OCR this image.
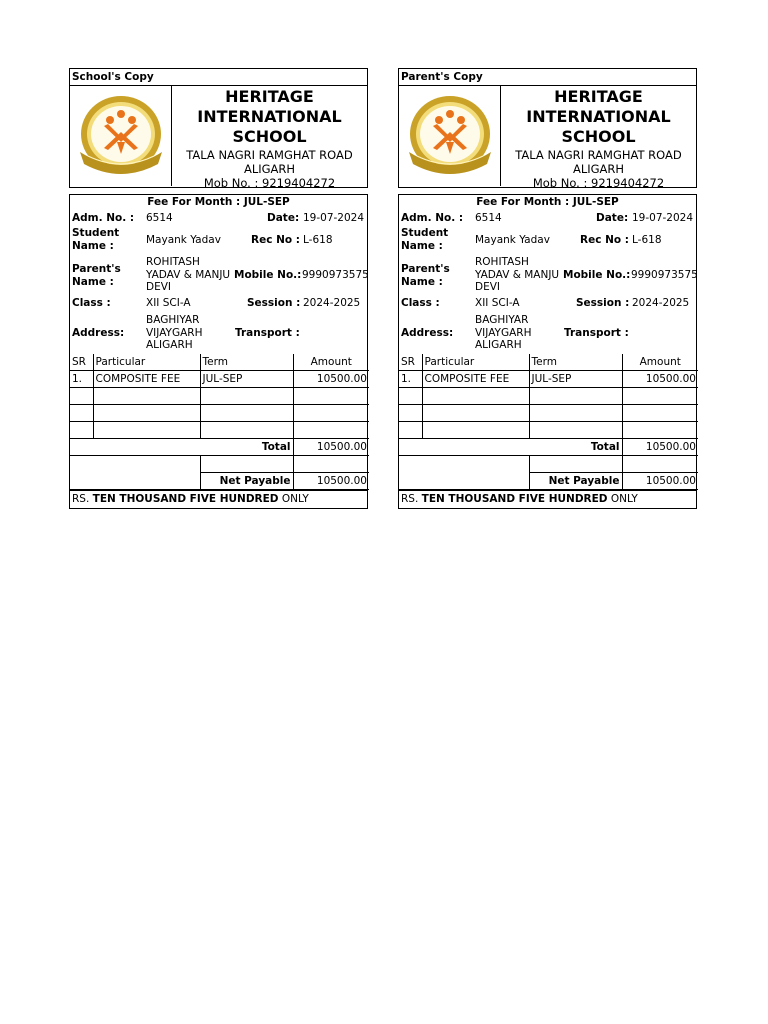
School's Copy
HERITAGE
INTERNATIONAL
SCHOOL
TALA NAGRI RAMGHAT ROAD
ALIGARH
Mob No. : 9219404272
Fee For Month : JUL-SEP
Adm. No. : 6514	Date: 19-07-2024
Student
Name :	Mayank Yadav	Rec No : L-618
Parent's
Name :
ROHITASH
YADAV & MANJU
DEVI
Mobile No.: 9990973575
Class :	XII SCI-A	Session : 2024-2025
Address:
BAGHIYAR
VIJAYGARH
ALIGARH
Transport :
SR	Particular	Term	Amount
1.	COMPOSITE FEE	JUL-SEP	10500.00

Total			10500.00

		Net Payable	10500.00
RS. TEN THOUSAND FIVE HUNDRED ONLY
Parent's Copy
HERITAGE
INTERNATIONAL
SCHOOL
TALA NAGRI RAMGHAT ROAD
ALIGARH
Mob No. : 9219404272
Fee For Month : JUL-SEP
Adm. No. : 6514	Date: 19-07-2024
Student
Name :	Mayank Yadav	Rec No : L-618
Parent's
Name :
ROHITASH
YADAV & MANJU
DEVI
Mobile No.: 9990973575
Class :	XII SCI-A	Session : 2024-2025
Address:
BAGHIYAR
VIJAYGARH
ALIGARH
Transport :
SR	Particular	Term	Amount
1.	COMPOSITE FEE	JUL-SEP	10500.00

Total			10500.00

		Net Payable	10500.00
RS. TEN THOUSAND FIVE HUNDRED ONLY
